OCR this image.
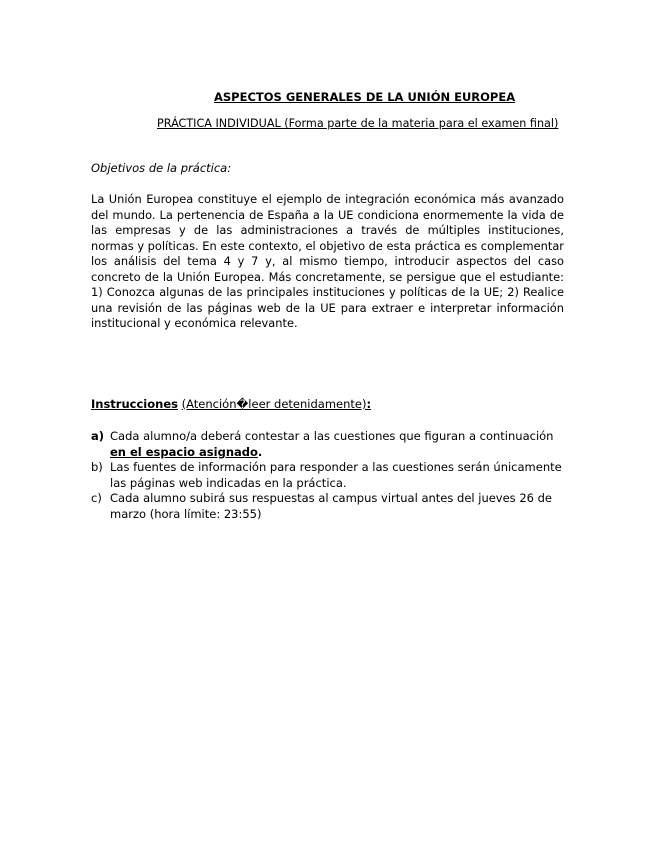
ASPECTOS GENERALES DE LA UNIÓN EUROPEA
PRÁCTICA INDIVIDUAL (Forma parte de la materia para el examen final)
Objetivos de la práctica:

La Unión Europea constituye el ejemplo de integración económica más avanzado del mundo. La pertenencia de España a la UE condiciona enormemente la vida de las empresas y de las administraciones a través de múltiples instituciones, normas y políticas. En este contexto, el objetivo de esta práctica es complementar los análisis del tema 4 y 7 y, al mismo tiempo, introducir aspectos del caso concreto de la Unión Europea. Más concretamente, se persigue que el estudiante: 1) Conozca algunas de las principales instituciones y políticas de la UE; 2) Realice una revisión de las páginas web de la UE para extraer e interpretar información institucional y económica relevante.

Instrucciones (Atención�leer detenidamente):
a) Cada alumno/a deberá contestar a las cuestiones que figuran a continuación en el espacio asignado.
b) Las fuentes de información para responder a las cuestiones serán únicamente las páginas web indicadas en la práctica.
c) Cada alumno subirá sus respuestas al campus virtual antes del jueves 26 de marzo (hora límite: 23:55)
